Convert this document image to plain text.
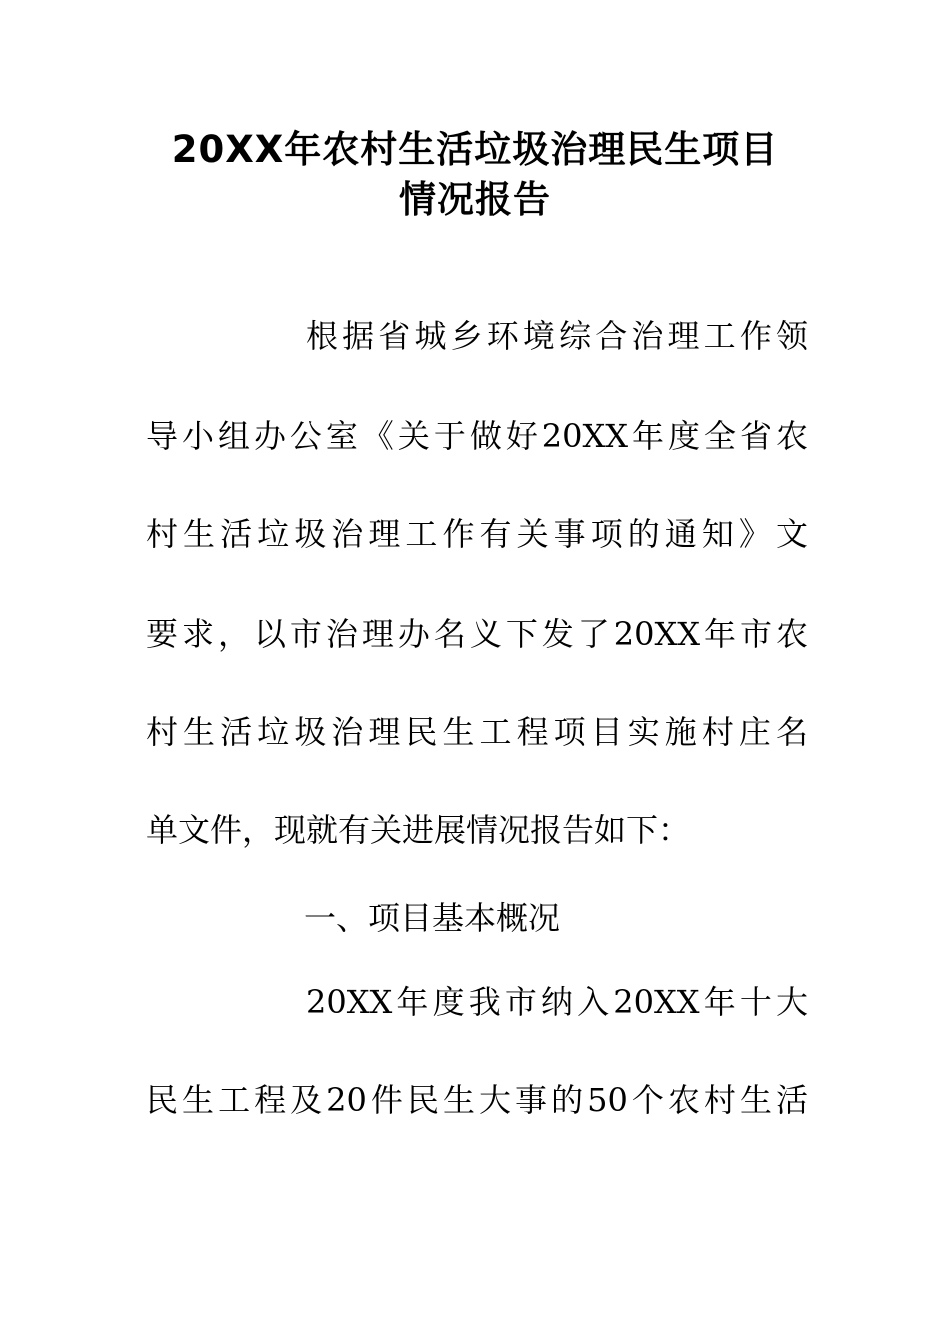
20XX年农村生活垃圾治理民生项目
情况报告
根据省城乡环境综合治理工作领
导小组办公室《关于做好20XX年度全省农
村生活垃圾治理工作有关事项的通知》文
要求，以市治理办名义下发了20XX年市农
村生活垃圾治理民生工程项目实施村庄名
单文件，现就有关进展情况报告如下：
一、项目基本概况
20XX年度我市纳入20XX年十大
民生工程及20件民生大事的50个农村生活
